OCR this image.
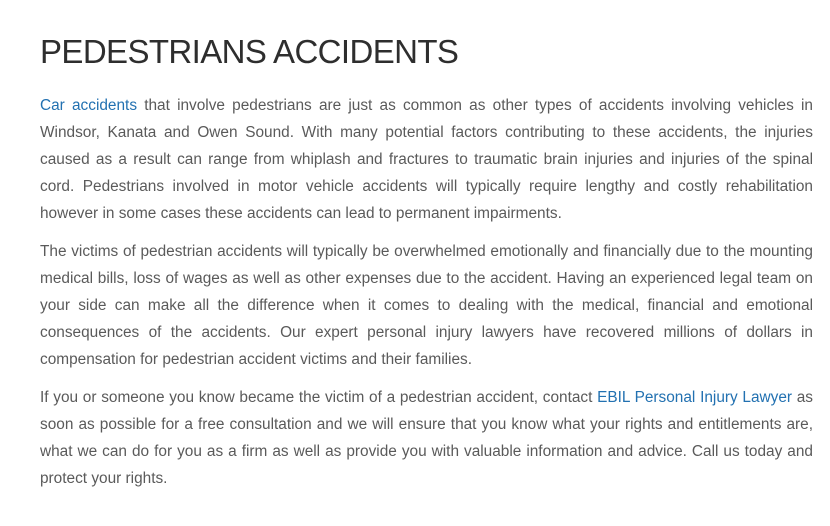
PEDESTRIANS ACCIDENTS

Car accidents that involve pedestrians are just as common as other types of accidents involving vehicles in Windsor, Kanata and Owen Sound. With many potential factors contributing to these accidents, the injuries caused as a result can range from whiplash and fractures to traumatic brain injuries and injuries of the spinal cord. Pedestrians involved in motor vehicle accidents will typically require lengthy and costly rehabilitation however in some cases these accidents can lead to permanent impairments.

The victims of pedestrian accidents will typically be overwhelmed emotionally and financially due to the mounting medical bills, loss of wages as well as other expenses due to the accident. Having an experienced legal team on your side can make all the difference when it comes to dealing with the medical, financial and emotional consequences of the accidents. Our expert personal injury lawyers have recovered millions of dollars in compensation for pedestrian accident victims and their families.

If you or someone you know became the victim of a pedestrian accident, contact EBIL Personal Injury Lawyer as soon as possible for a free consultation and we will ensure that you know what your rights and entitlements are, what we can do for you as a firm as well as provide you with valuable information and advice. Call us today and protect your rights.
